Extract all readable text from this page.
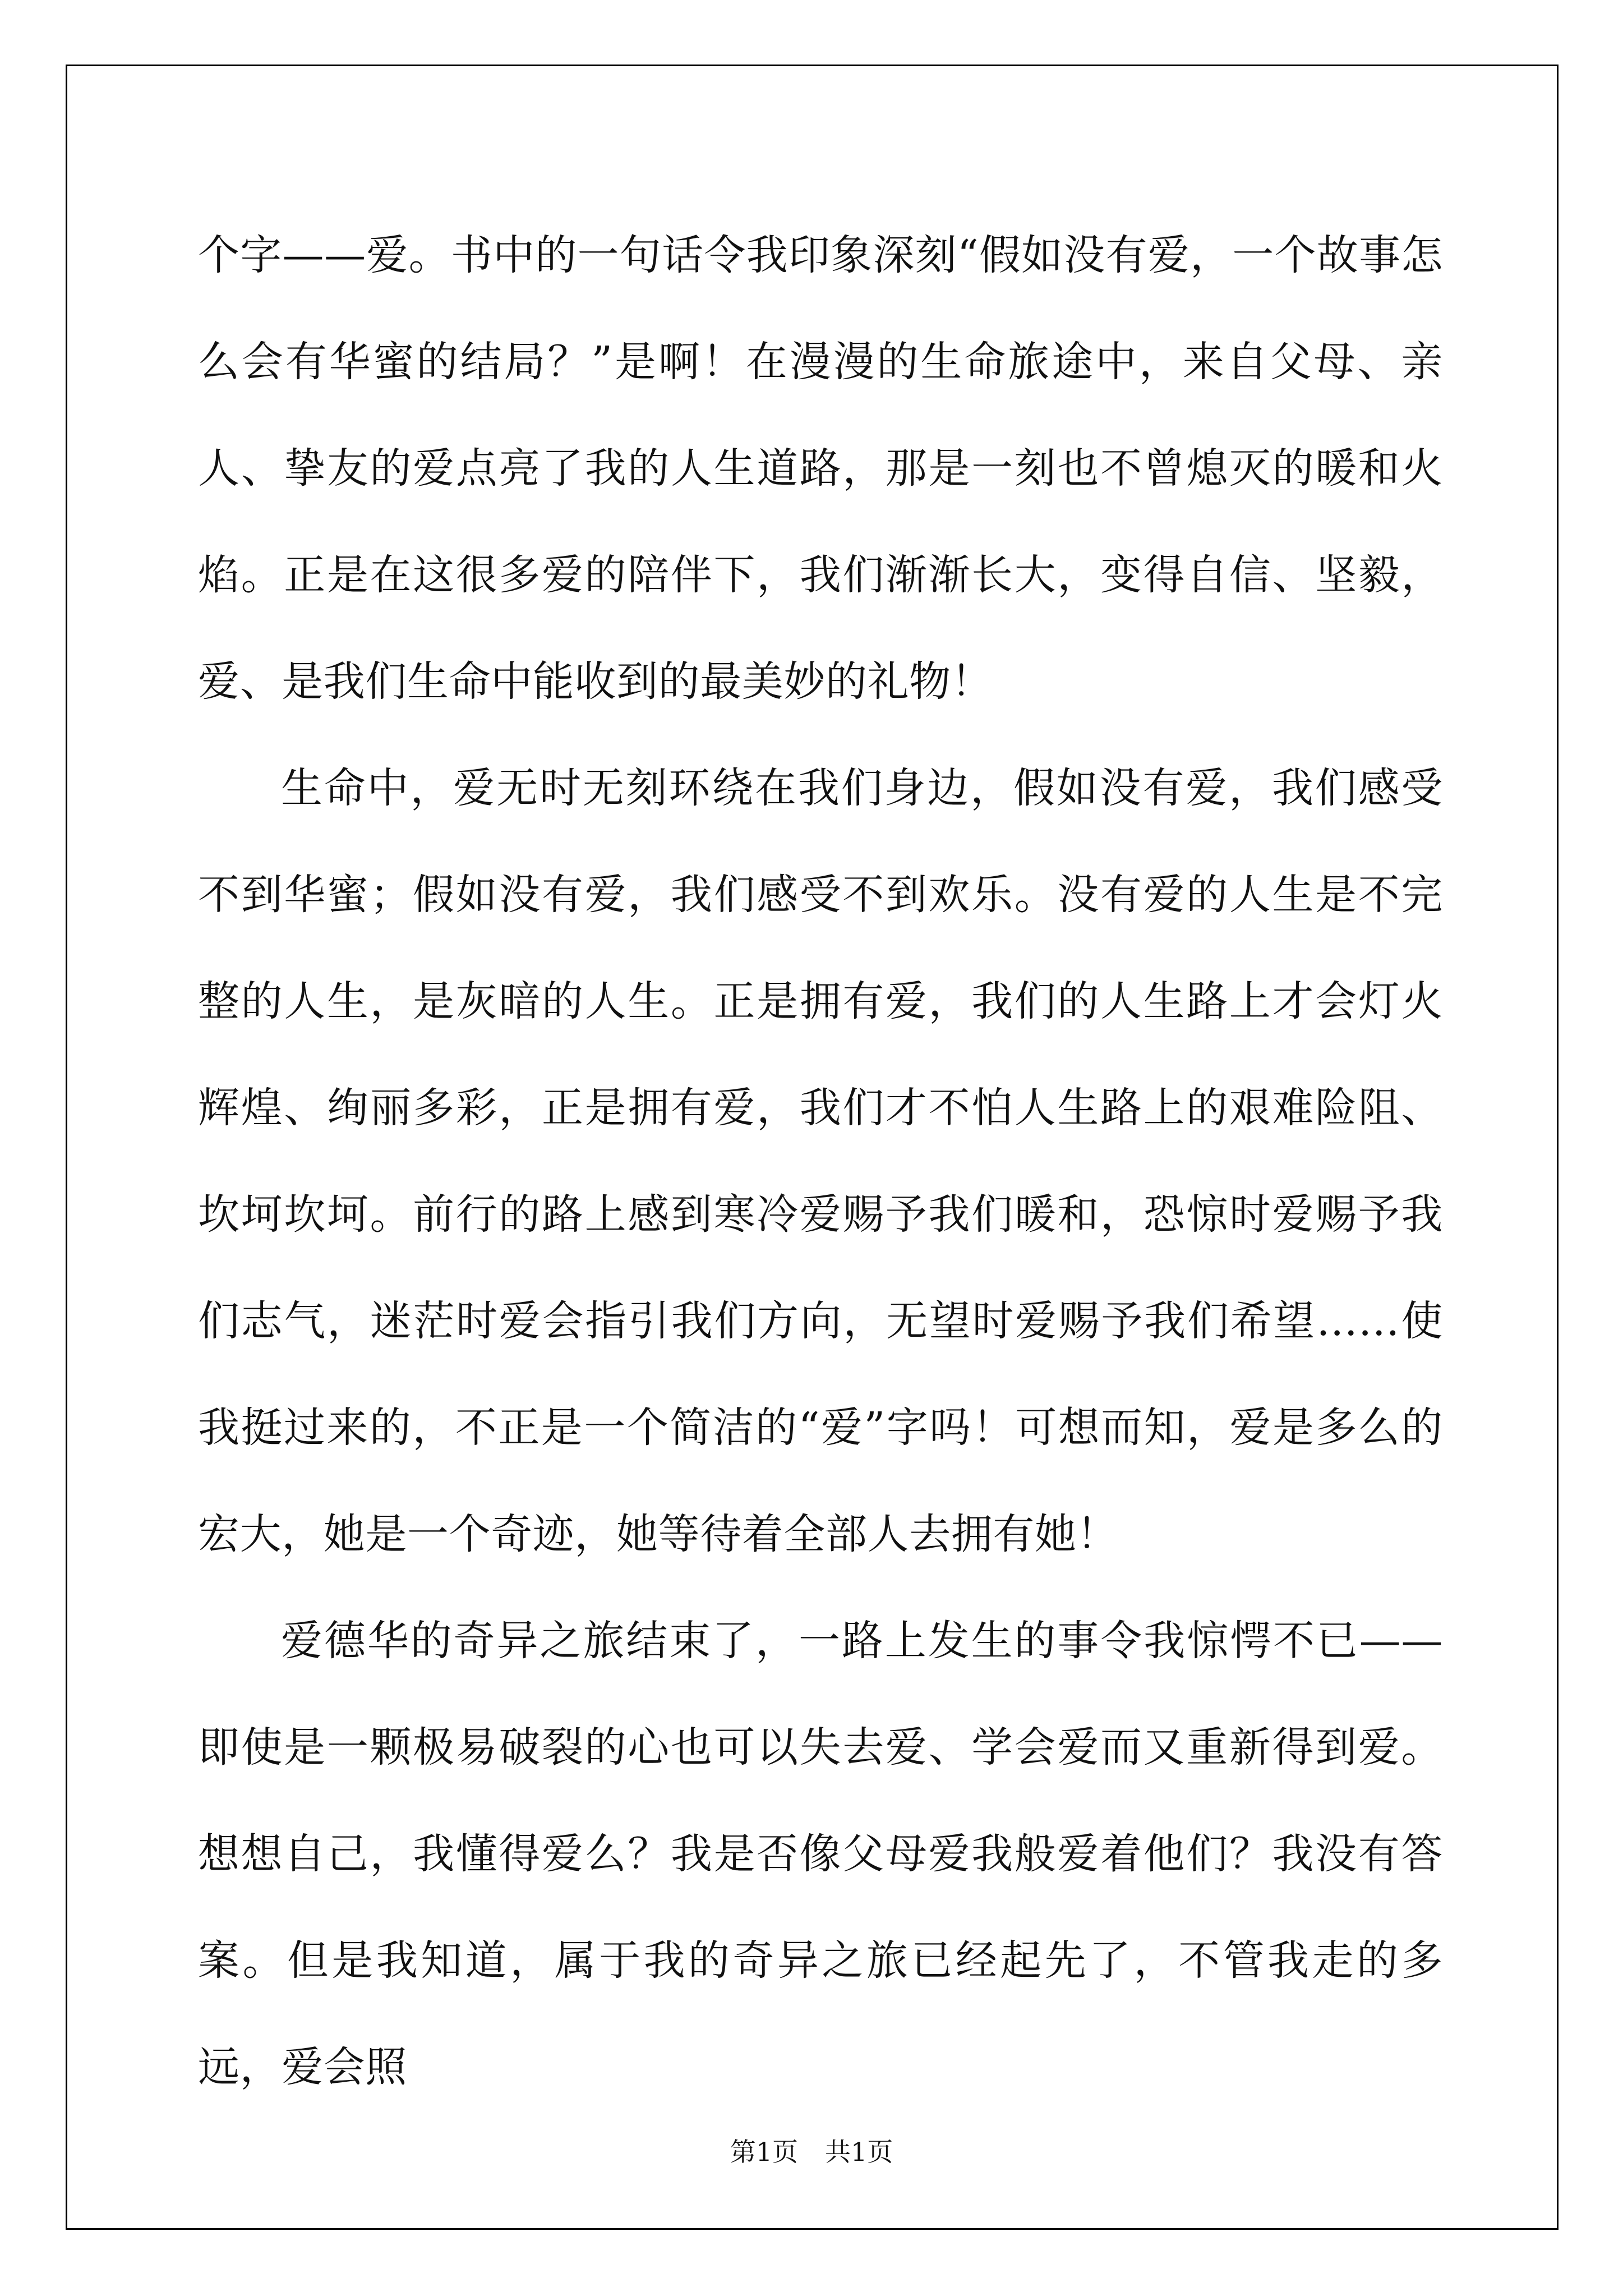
个字——爱。书中的一句话令我印象深刻“假如没有爱，一个故事怎么会有华蜜的结局？”是啊！在漫漫的生命旅途中，来自父母、亲人、挚友的爱点亮了我的人生道路，那是一刻也不曾熄灭的暖和火焰。正是在这很多爱的陪伴下，我们渐渐长大，变得自信、坚毅，爱、是我们生命中能收到的最美妙的礼物！

生命中，爱无时无刻环绕在我们身边，假如没有爱，我们感受不到华蜜；假如没有爱，我们感受不到欢乐。没有爱的人生是不完整的人生，是灰暗的人生。正是拥有爱，我们的人生路上才会灯火辉煌、绚丽多彩，正是拥有爱，我们才不怕人生路上的艰难险阻、坎坷坎坷。前行的路上感到寒冷爱赐予我们暖和，恐惊时爱赐予我们志气，迷茫时爱会指引我们方向，无望时爱赐予我们希望……使我挺过来的，不正是一个简洁的“爱”字吗！可想而知，爱是多么的宏大，她是一个奇迹，她等待着全部人去拥有她！

爱德华的奇异之旅结束了，一路上发生的事令我惊愕不已——即使是一颗极易破裂的心也可以失去爱、学会爱而又重新得到爱。想想自己，我懂得爱么？我是否像父母爱我般爱着他们？我没有答案。但是我知道，属于我的奇异之旅已经起先了，不管我走的多远，爱会照

第1页 共1页
